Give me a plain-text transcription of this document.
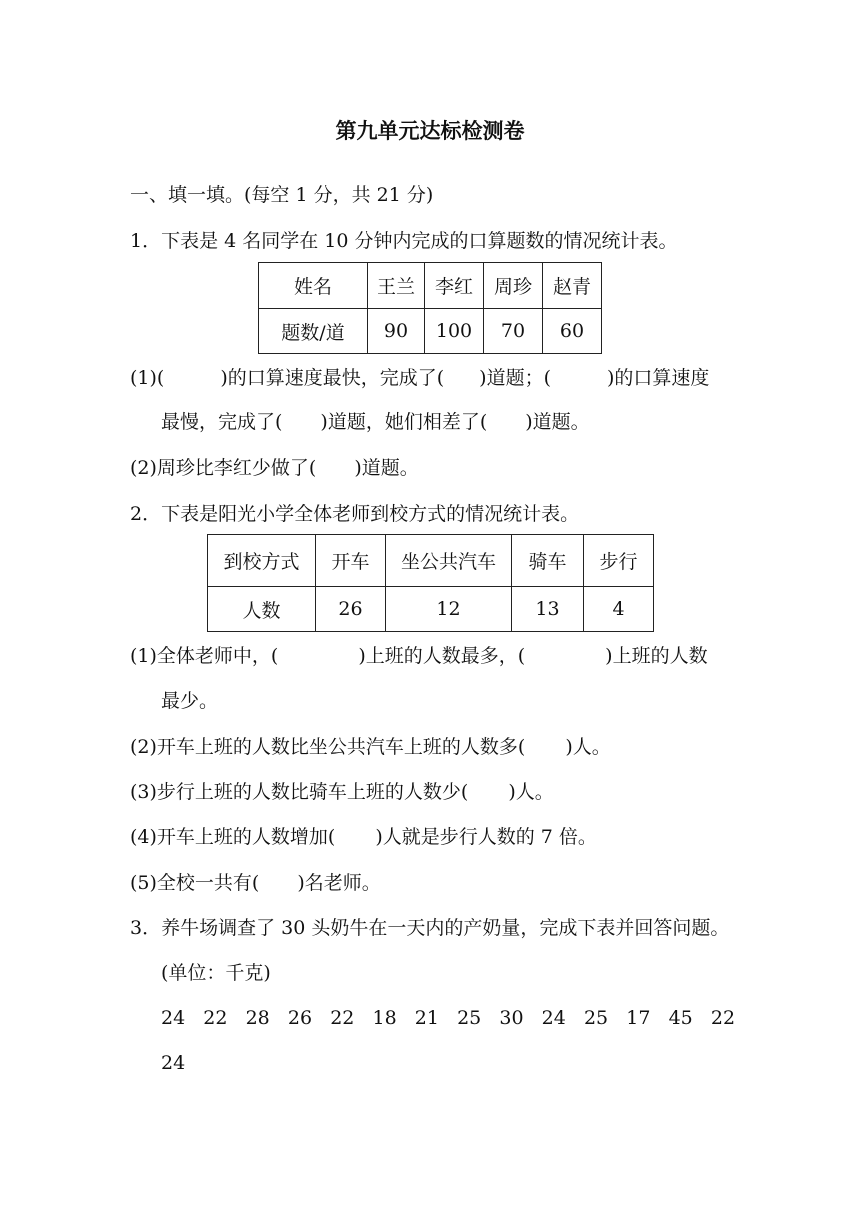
第九单元达标检测卷
一、填一填。(每空 1 分，共 21 分)
1．下表是 4 名同学在 10 分钟内完成的口算题数的情况统计表。
姓名	王兰	李红	周珍	赵青
题数/道	90	100	70	60
(1)(	)的口算速度最快，完成了( )道题；(	)的口算速度
最慢，完成了( )道题，她们相差了( )道题。
(2)周珍比李红少做了( )道题。
2．下表是阳光小学全体老师到校方式的情况统计表。
到校方式	开车	坐公共汽车	骑车	步行
人数	26	12	13	4
(1)全体老师中，(	)上班的人数最多，(	)上班的人数
最少。
(2)开车上班的人数比坐公共汽车上班的人数多( )人。
(3)步行上班的人数比骑车上班的人数少( )人。
(4)开车上班的人数增加( )人就是步行人数的 7 倍。
(5)全校一共有( )名老师。
3．养牛场调查了 30 头奶牛在一天内的产奶量，完成下表并回答问题。
(单位：千克)
24 22 28 26 22 18 21 25 30 24 25 17 45 22
24
